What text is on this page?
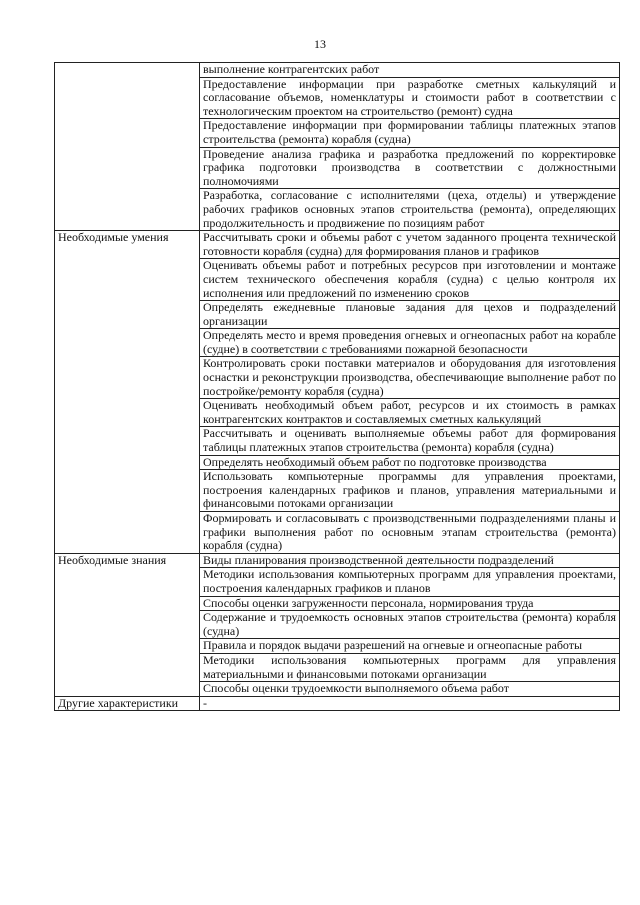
13
	выполнение контрагентских работ
	Предоставление информации при разработке сметных калькуляций и согласование объемов, номенклатуры и стоимости работ в соответствии с технологическим проектом на строительство (ремонт) судна
	Предоставление информации при формировании таблицы платежных этапов строительства (ремонта) корабля (судна)
	Проведение анализа графика и разработка предложений по корректировке графика подготовки производства в соответствии с должностными полномочиями
	Разработка, согласование с исполнителями (цеха, отделы) и утверждение рабочих графиков основных этапов строительства (ремонта), определяющих продолжительность и продвижение по позициям работ
Необходимые умения	Рассчитывать сроки и объемы работ с учетом заданного процента технической готовности корабля (судна) для формирования планов и графиков
	Оценивать объемы работ и потребных ресурсов при изготовлении и монтаже систем технического обеспечения корабля (судна) с целью контроля их исполнения или предложений по изменению сроков
	Определять ежедневные плановые задания для цехов и подразделений организации
	Определять место и время проведения огневых и огнеопасных работ на корабле (судне) в соответствии с требованиями пожарной безопасности
	Контролировать сроки поставки материалов и оборудования для изготовления оснастки и реконструкции производства, обеспечивающие выполнение работ по постройке/ремонту корабля (судна)
	Оценивать необходимый объем работ, ресурсов и их стоимость в рамках контрагентских контрактов и составляемых сметных калькуляций
	Рассчитывать и оценивать выполняемые объемы работ для формирования таблицы платежных этапов строительства (ремонта) корабля (судна)
	Определять необходимый объем работ по подготовке производства
	Использовать компьютерные программы для управления проектами, построения календарных графиков и планов, управления материальными и финансовыми потоками организации
	Формировать и согласовывать с производственными подразделениями планы и графики выполнения работ по основным этапам строительства (ремонта) корабля (судна)
Необходимые знания	Виды планирования производственной деятельности подразделений
	Методики использования компьютерных программ для управления проектами, построения календарных графиков и планов
	Способы оценки загруженности персонала, нормирования труда
	Содержание и трудоемкость основных этапов строительства (ремонта) корабля (судна)
	Правила и порядок выдачи разрешений на огневые и огнеопасные работы
	Методики использования компьютерных программ для управления материальными и финансовыми потоками организации
	Способы оценки трудоемкости выполняемого объема работ
Другие характеристики	-
